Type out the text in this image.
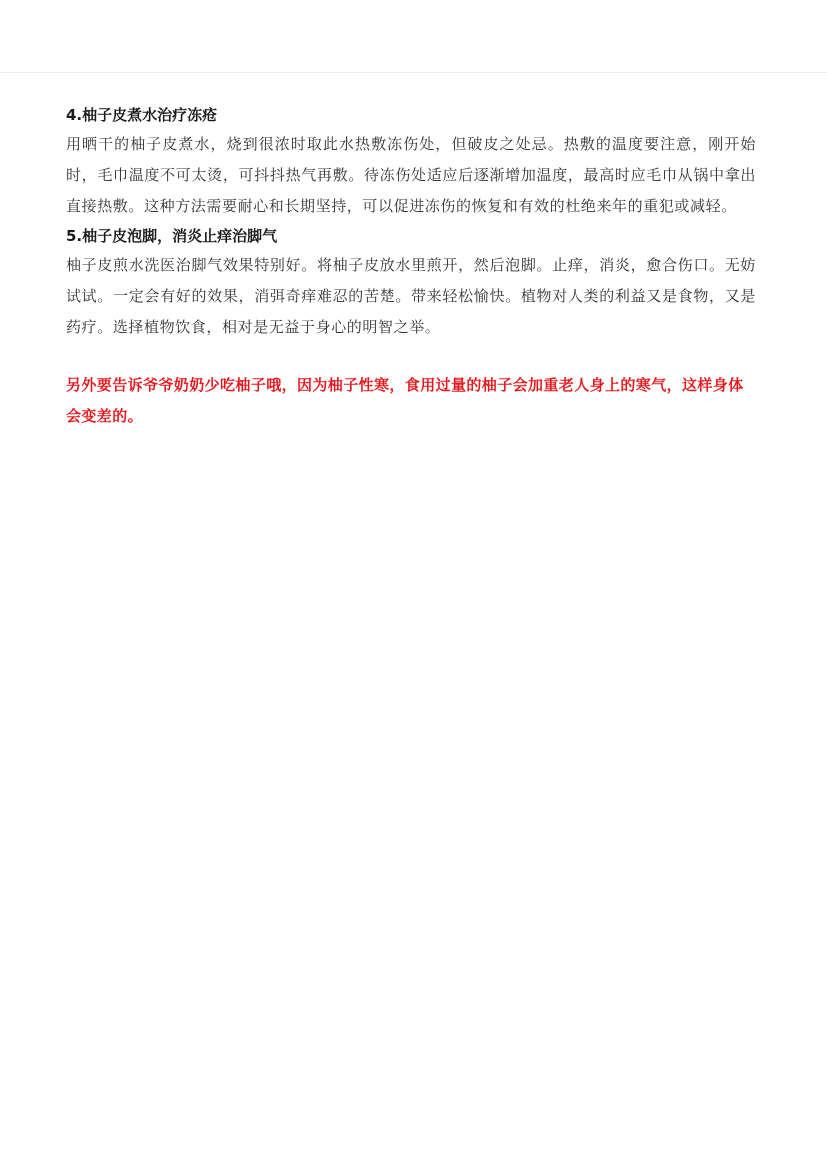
4.柚子皮煮水治疗冻疮

用晒干的柚子皮煮水，烧到很浓时取此水热敷冻伤处，但破皮之处忌。热敷的温度要注意，刚开始时，毛巾温度不可太烫，可抖抖热气再敷。待冻伤处适应后逐渐增加温度，最高时应毛巾从锅中拿出直接热敷。这种方法需要耐心和长期坚持，可以促进冻伤的恢复和有效的杜绝来年的重犯或减轻。

5.柚子皮泡脚，消炎止痒治脚气

柚子皮煎水洗医治脚气效果特别好。将柚子皮放水里煎开，然后泡脚。止痒，消炎，愈合伤口。无妨试试。一定会有好的效果，消弭奇痒难忍的苦楚。带来轻松愉快。植物对人类的利益又是食物，又是药疗。选择植物饮食，相对是无益于身心的明智之举。

另外要告诉爷爷奶奶少吃柚子哦，因为柚子性寒，食用过量的柚子会加重老人身上的寒气，这样身体会变差的。
